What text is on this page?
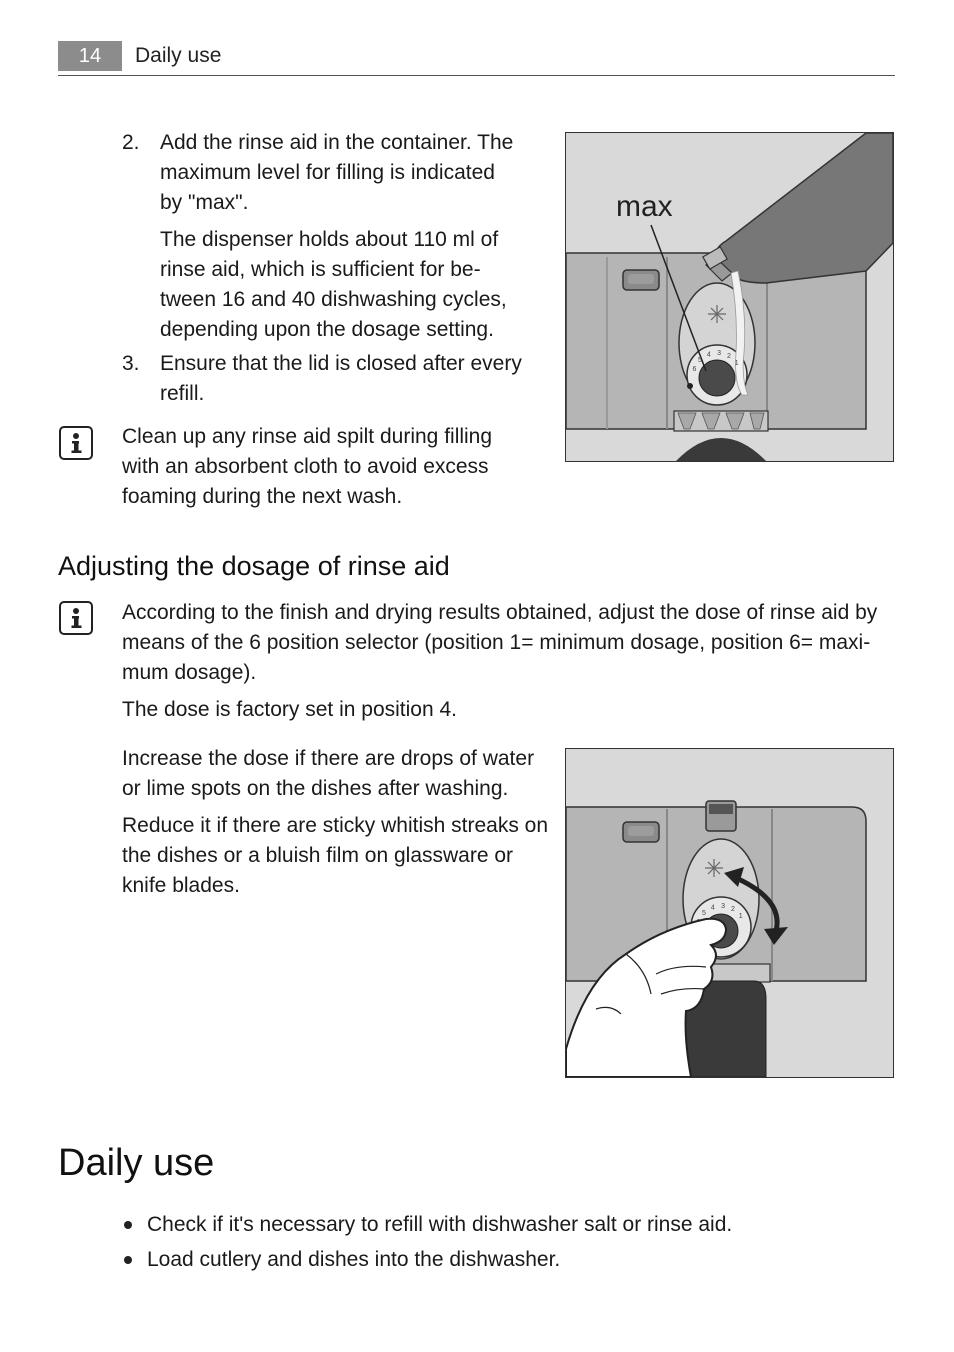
14	Daily use
2. Add the rinse aid in the container. The
maximum level for filling is indicated
by "max".
The dispenser holds about 110 ml of
rinse aid, which is sufficient for be-
tween 16 and 40 dishwashing cycles,
depending upon the dosage setting.
3. Ensure that the lid is closed after every
refill.
Clean up any rinse aid spilt during filling
with an absorbent cloth to avoid excess
foaming during the next wash.
max
6
5
4 3 2
1
Adjusting the dosage of rinse aid
According to the finish and drying results obtained, adjust the dose of rinse aid by
means of the 6 position selector (position 1= minimum dosage, position 6= maxi-
mum dosage).
The dose is factory set in position 4.
Increase the dose if there are drops of water
or lime spots on the dishes after washing.
Reduce it if there are sticky whitish streaks on
the dishes or a bluish film on glassware or
knife blades.
5
4 3 2
1
Daily use
Check if it's necessary to refill with dishwasher salt or rinse aid.
Load cutlery and dishes into the dishwasher.
